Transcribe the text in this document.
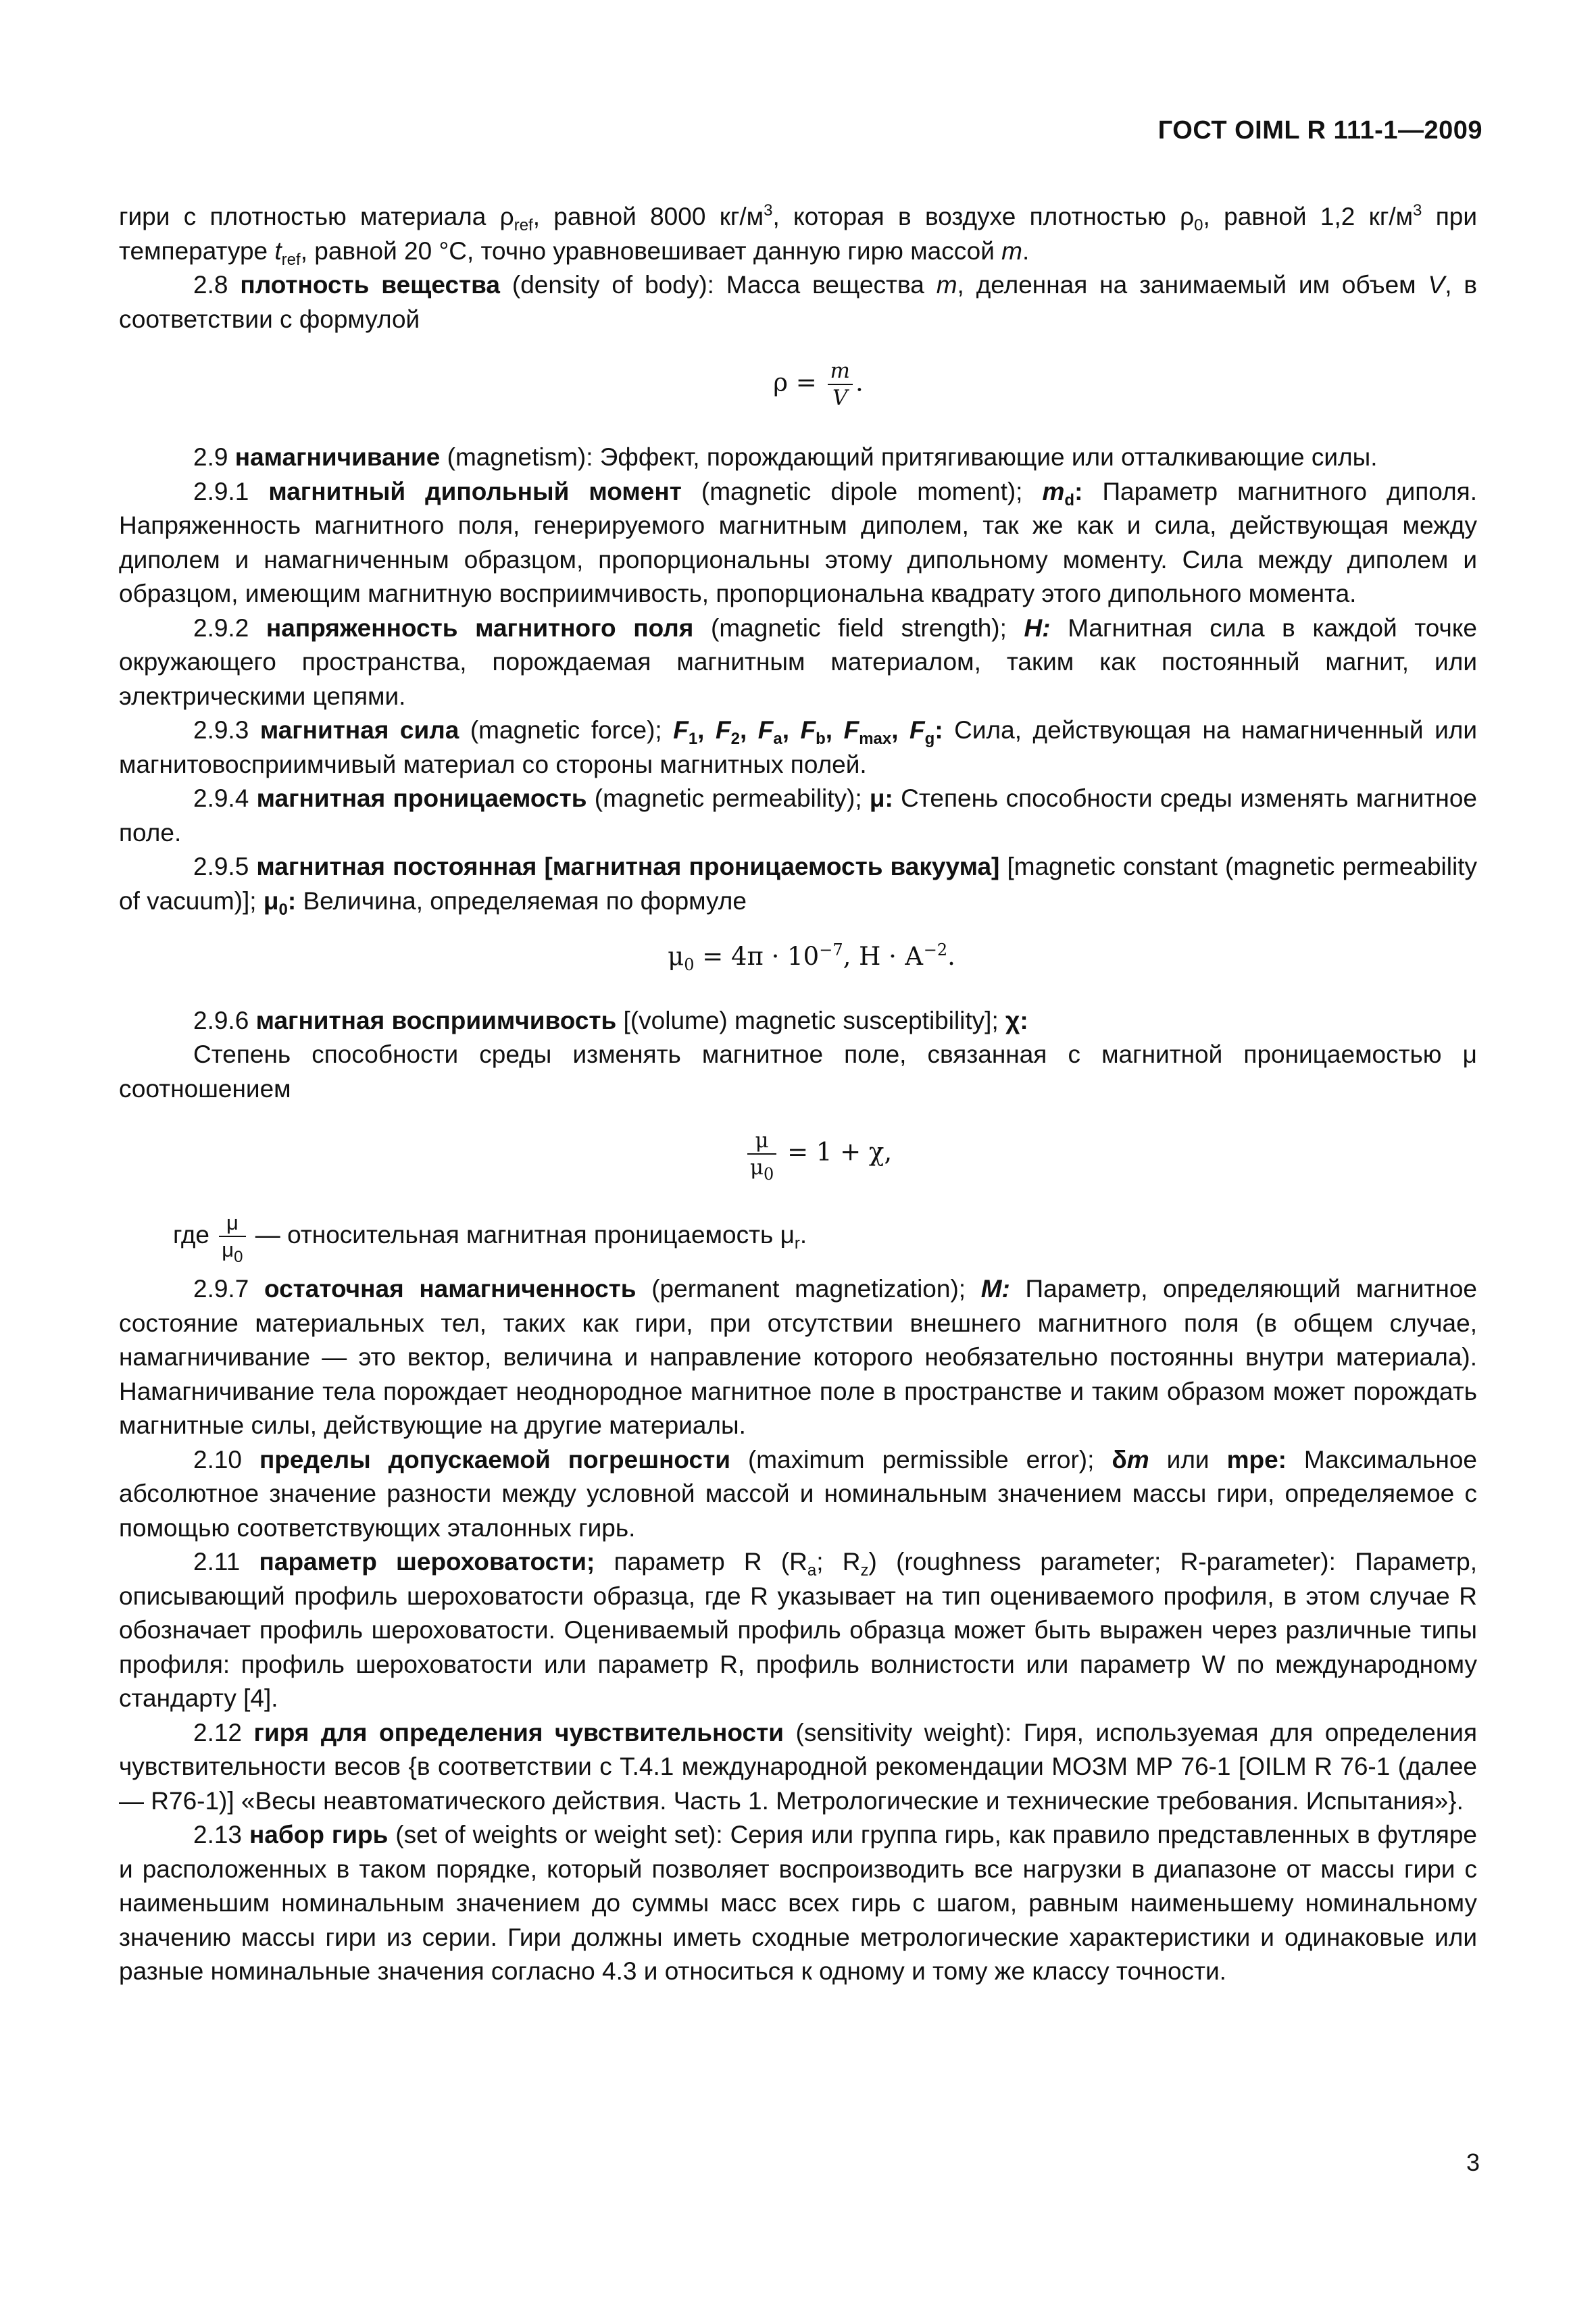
ГОСТ OIML R 111-1—2009

гири с плотностью материала $\rho_{ref}$, равной 8000 $кг/м^3$, которая в воздухе плотностью $\rho_0$, равной 1,2 $кг/м^3$ при температуре $t_{ref}$, равной 20 °С, точно уравновешивает данную гирю массой m.

2.8 плотность вещества (density of body): Масса вещества m, деленная на занимаемый им объем V, в соответствии с формулой

$\rho = \frac{m}{V}$ .

2.9 намагничивание (magnetism): Эффект, порождающий притягивающие или отталкивающие силы.

2.9.1 магнитный дипольный момент (magnetic dipole moment); $m_d$: Параметр магнитного диполя. Напряженность магнитного поля, генерируемого магнитным диполем, так же как и сила, действующая между диполем и намагниченным образцом, пропорциональны этому дипольному моменту. Сила между диполем и образцом, имеющим магнитную восприимчивость, пропорциональна квадрату этого дипольного момента.

2.9.2 напряженность магнитного поля (magnetic field strength); H: Магнитная сила в каждой точке окружающего пространства, порождаемая магнитным материалом, таким как постоянный магнит, или электрическими цепями.

2.9.3 магнитная сила (magnetic force); $F_1$, $F_2$, $F_a$, $F_b$, $F_{max}$, $F_g$: Сила, действующая на намагниченный или магнитовосприимчивый материал со стороны магнитных полей.

2.9.4 магнитная проницаемость (magnetic permeability); μ: Степень способности среды изменять магнитное поле.

2.9.5 магнитная постоянная [магнитная проницаемость вакуума] [magnetic constant (magnetic permeability of vacuum)]; $\mu_0$: Величина, определяемая по формуле

$\mu_0 = 4\pi \cdot 10^{-7}$, $Н \cdot А^{-2}$.

2.9.6 магнитная восприимчивость [(volume) magnetic susceptibility]; χ:

Степень способности среды изменять магнитное поле, связанная с магнитной проницаемостью μ соотношением

$\frac{\mu}{\mu_0} = 1 + \chi$,

где $\frac{\mu}{\mu_0}$ — относительная магнитная проницаемость $\mu_r$.

2.9.7 остаточная намагниченность (permanent magnetization); M: Параметр, определяющий магнитное состояние материальных тел, таких как гири, при отсутствии внешнего магнитного поля (в общем случае, намагничивание — это вектор, величина и направление которого необязательно постоянны внутри материала). Намагничивание тела порождает неоднородное магнитное поле в пространстве и таким образом может порождать магнитные силы, действующие на другие материалы.

2.10 пределы допускаемой погрешности (maximum permissible error); δm или mpe: Максимальное абсолютное значение разности между условной массой и номинальным значением массы гири, определяемое с помощью соответствующих эталонных гирь.

2.11 параметр шероховатости; параметр R ($R_a$; $R_z$) (roughness parameter; R-parameter): Параметр, описывающий профиль шероховатости образца, где R указывает на тип оцениваемого профиля, в этом случае R обозначает профиль шероховатости. Оцениваемый профиль образца может быть выражен через различные типы профиля: профиль шероховатости или параметр R, профиль волнистости или параметр W по международному стандарту [4].

2.12 гиря для определения чувствительности (sensitivity weight): Гиря, используемая для определения чувствительности весов {в соответствии с Т.4.1 международной рекомендации МОЗМ МР 76-1 [OILM R 76-1 (далее — R76-1)] «Весы неавтоматического действия. Часть 1. Метрологические и технические требования. Испытания»}.

2.13 набор гирь (set of weights or weight set): Серия или группа гирь, как правило представленных в футляре и расположенных в таком порядке, который позволяет воспроизводить все нагрузки в диапазоне от массы гири с наименьшим номинальным значением до суммы масс всех гирь с шагом, равным наименьшему номинальному значению массы гири из серии. Гири должны иметь сходные метрологические характеристики и одинаковые или разные номинальные значения согласно 4.3 и относиться к одному и тому же классу точности.

3
